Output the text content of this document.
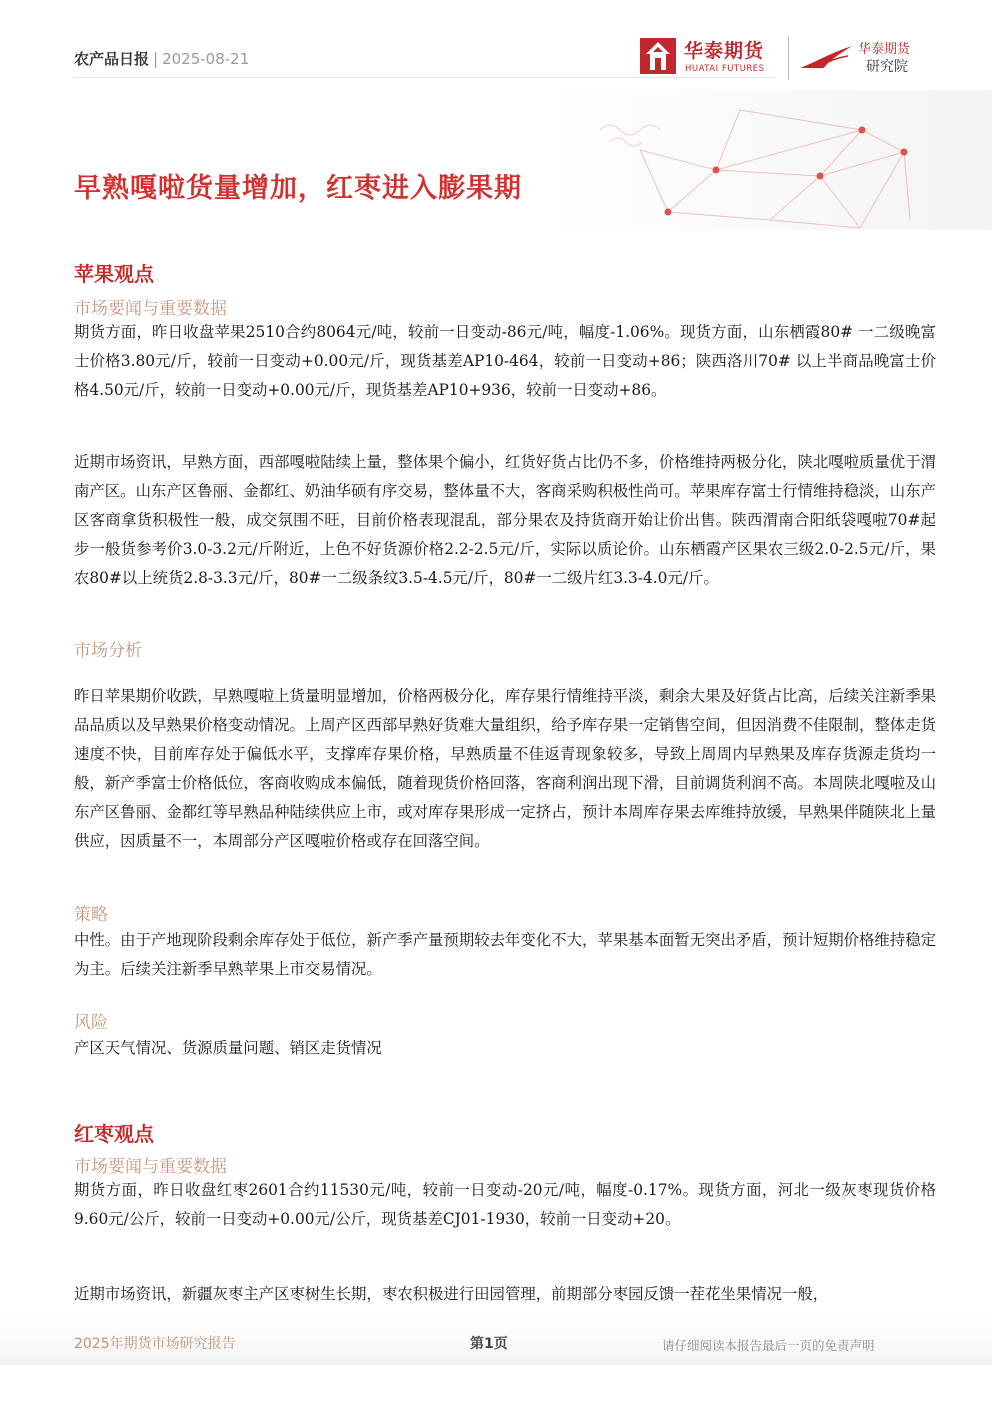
农产品日报 | 2025-08-21	华泰期货
HUATAI FUTURES
华泰期货
研究院
早熟嘎啦货量增加，红枣进入膨果期
苹果观点
市场要闻与重要数据

期货方面，昨日收盘苹果2510合约8064元/吨，较前一日变动-86元/吨，幅度-1.06%。现货方面，山东栖霞80# 一二级晚富士价格3.80元/斤，较前一日变动+0.00元/斤，现货基差AP10-464，较前一日变动+86；陕西洛川70# 以上半商品晚富士价格4.50元/斤，较前一日变动+0.00元/斤，现货基差AP10+936，较前一日变动+86。

近期市场资讯，早熟方面，西部嘎啦陆续上量，整体果个偏小，红货好货占比仍不多，价格维持两极分化，陕北嘎啦质量优于渭南产区。山东产区鲁丽、金都红、奶油华硕有序交易，整体量不大，客商采购积极性尚可。苹果库存富士行情维持稳淡，山东产区客商拿货积极性一般，成交氛围不旺，目前价格表现混乱，部分果农及持货商开始让价出售。陕西渭南合阳纸袋嘎啦70#起步一般货参考价3.0-3.2元/斤附近，上色不好货源价格2.2-2.5元/斤，实际以质论价。山东栖霞产区果农三级2.0-2.5元/斤，果农80#以上统货2.8-3.3元/斤，80#一二级条纹3.5-4.5元/斤，80#一二级片红3.3-4.0元/斤。

市场分析

昨日苹果期价收跌，早熟嘎啦上货量明显增加，价格两极分化，库存果行情维持平淡，剩余大果及好货占比高，后续关注新季果品品质以及早熟果价格变动情况。上周产区西部早熟好货难大量组织，给予库存果一定销售空间，但因消费不佳限制，整体走货速度不快，目前库存处于偏低水平，支撑库存果价格，早熟质量不佳返青现象较多，导致上周周内早熟果及库存货源走货均一般，新产季富士价格低位，客商收购成本偏低，随着现货价格回落，客商利润出现下滑，目前调货利润不高。本周陕北嘎啦及山东产区鲁丽、金都红等早熟品种陆续供应上市，或对库存果形成一定挤占，预计本周库存果去库维持放缓，早熟果伴随陕北上量供应，因质量不一，本周部分产区嘎啦价格或存在回落空间。

策略

中性。由于产地现阶段剩余库存处于低位，新产季产量预期较去年变化不大，苹果基本面暂无突出矛盾，预计短期价格维持稳定为主。后续关注新季早熟苹果上市交易情况。

风险

产区天气情况、货源质量问题、销区走货情况

红枣观点
市场要闻与重要数据

期货方面，昨日收盘红枣2601合约11530元/吨，较前一日变动-20元/吨，幅度-0.17%。现货方面，河北一级灰枣现货价格9.60元/公斤，较前一日变动+0.00元/公斤，现货基差CJ01-1930，较前一日变动+20。

近期市场资讯，新疆灰枣主产区枣树生长期，枣农积极进行田园管理，前期部分枣园反馈一茬花坐果情况一般，

2025年期货市场研究报告	第1页	请仔细阅读本报告最后一页的免责声明
